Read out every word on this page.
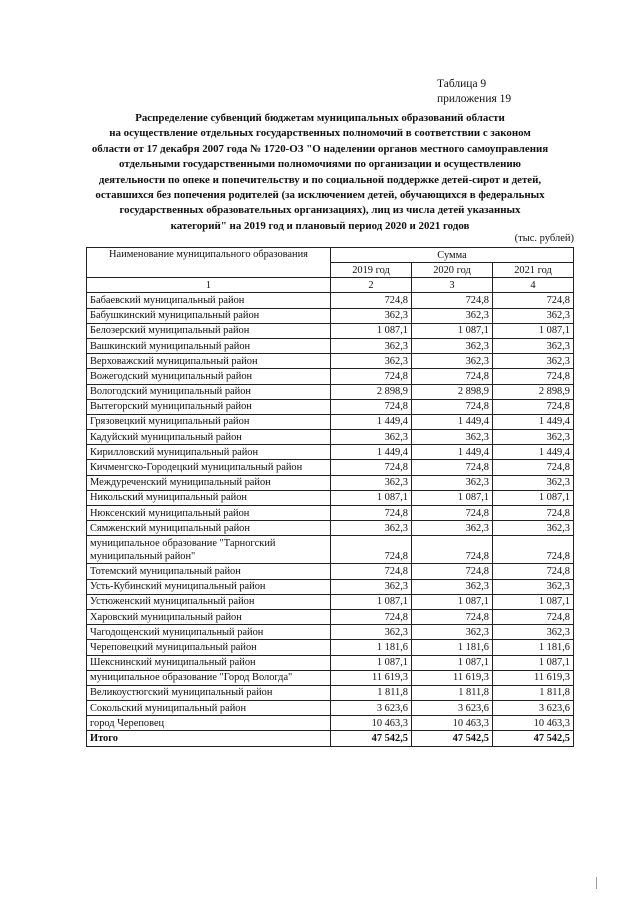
Таблица 9
приложения 19
Распределение субвенций бюджетам муниципальных образований области
на осуществление отдельных государственных полномочий в соответствии с законом
области от 17 декабря 2007 года № 1720-ОЗ "О наделении органов местного самоуправления
отдельными государственными полномочиями по организации и осуществлению
деятельности по опеке и попечительству и по социальной поддержке детей-сирот и детей,
оставшихся без попечения родителей (за исключением детей, обучающихся в федеральных
государственных образовательных организациях), лиц из числа детей указанных
категорий" на 2019 год и плановый период 2020 и 2021 годов
(тыс. рублей)
Наименование муниципального образования	Сумма		
	2019 год	2020 год	2021 год
1	2	3	4
Бабаевский муниципальный район	724,8	724,8	724,8
Бабушкинский муниципальный район	362,3	362,3	362,3
Белозерский муниципальный район	1 087,1	1 087,1	1 087,1
Вашкинский муниципальный район	362,3	362,3	362,3
Верховажский муниципальный район	362,3	362,3	362,3
Вожегодский муниципальный район	724,8	724,8	724,8
Вологодский муниципальный район	2 898,9	2 898,9	2 898,9
Вытегорский муниципальный район	724,8	724,8	724,8
Грязовецкий муниципальный район	1 449,4	1 449,4	1 449,4
Кадуйский муниципальный район	362,3	362,3	362,3
Кирилловский муниципальный район	1 449,4	1 449,4	1 449,4
Кичменгско-Городецкий муниципальный район	724,8	724,8	724,8
Междуреченский муниципальный район	362,3	362,3	362,3
Никольский муниципальный район	1 087,1	1 087,1	1 087,1
Нюксенский муниципальный район	724,8	724,8	724,8
Сямженский муниципальный район	362,3	362,3	362,3
муниципальное образование "Тарногский муниципальный район"	724,8	724,8	724,8
Тотемский муниципальный район	724,8	724,8	724,8
Усть-Кубинский муниципальный район	362,3	362,3	362,3
Устюженский муниципальный район	1 087,1	1 087,1	1 087,1
Харовский муниципальный район	724,8	724,8	724,8
Чагодощенский муниципальный район	362,3	362,3	362,3
Череповецкий муниципальный район	1 181,6	1 181,6	1 181,6
Шекснинский муниципальный район	1 087,1	1 087,1	1 087,1
муниципальное образование "Город Вологда"	11 619,3	11 619,3	11 619,3
Великоустюгский муниципальный район	1 811,8	1 811,8	1 811,8
Сокольский муниципальный район	3 623,6	3 623,6	3 623,6
город Череповец	10 463,3	10 463,3	10 463,3
Итого	47 542,5	47 542,5	47 542,5
